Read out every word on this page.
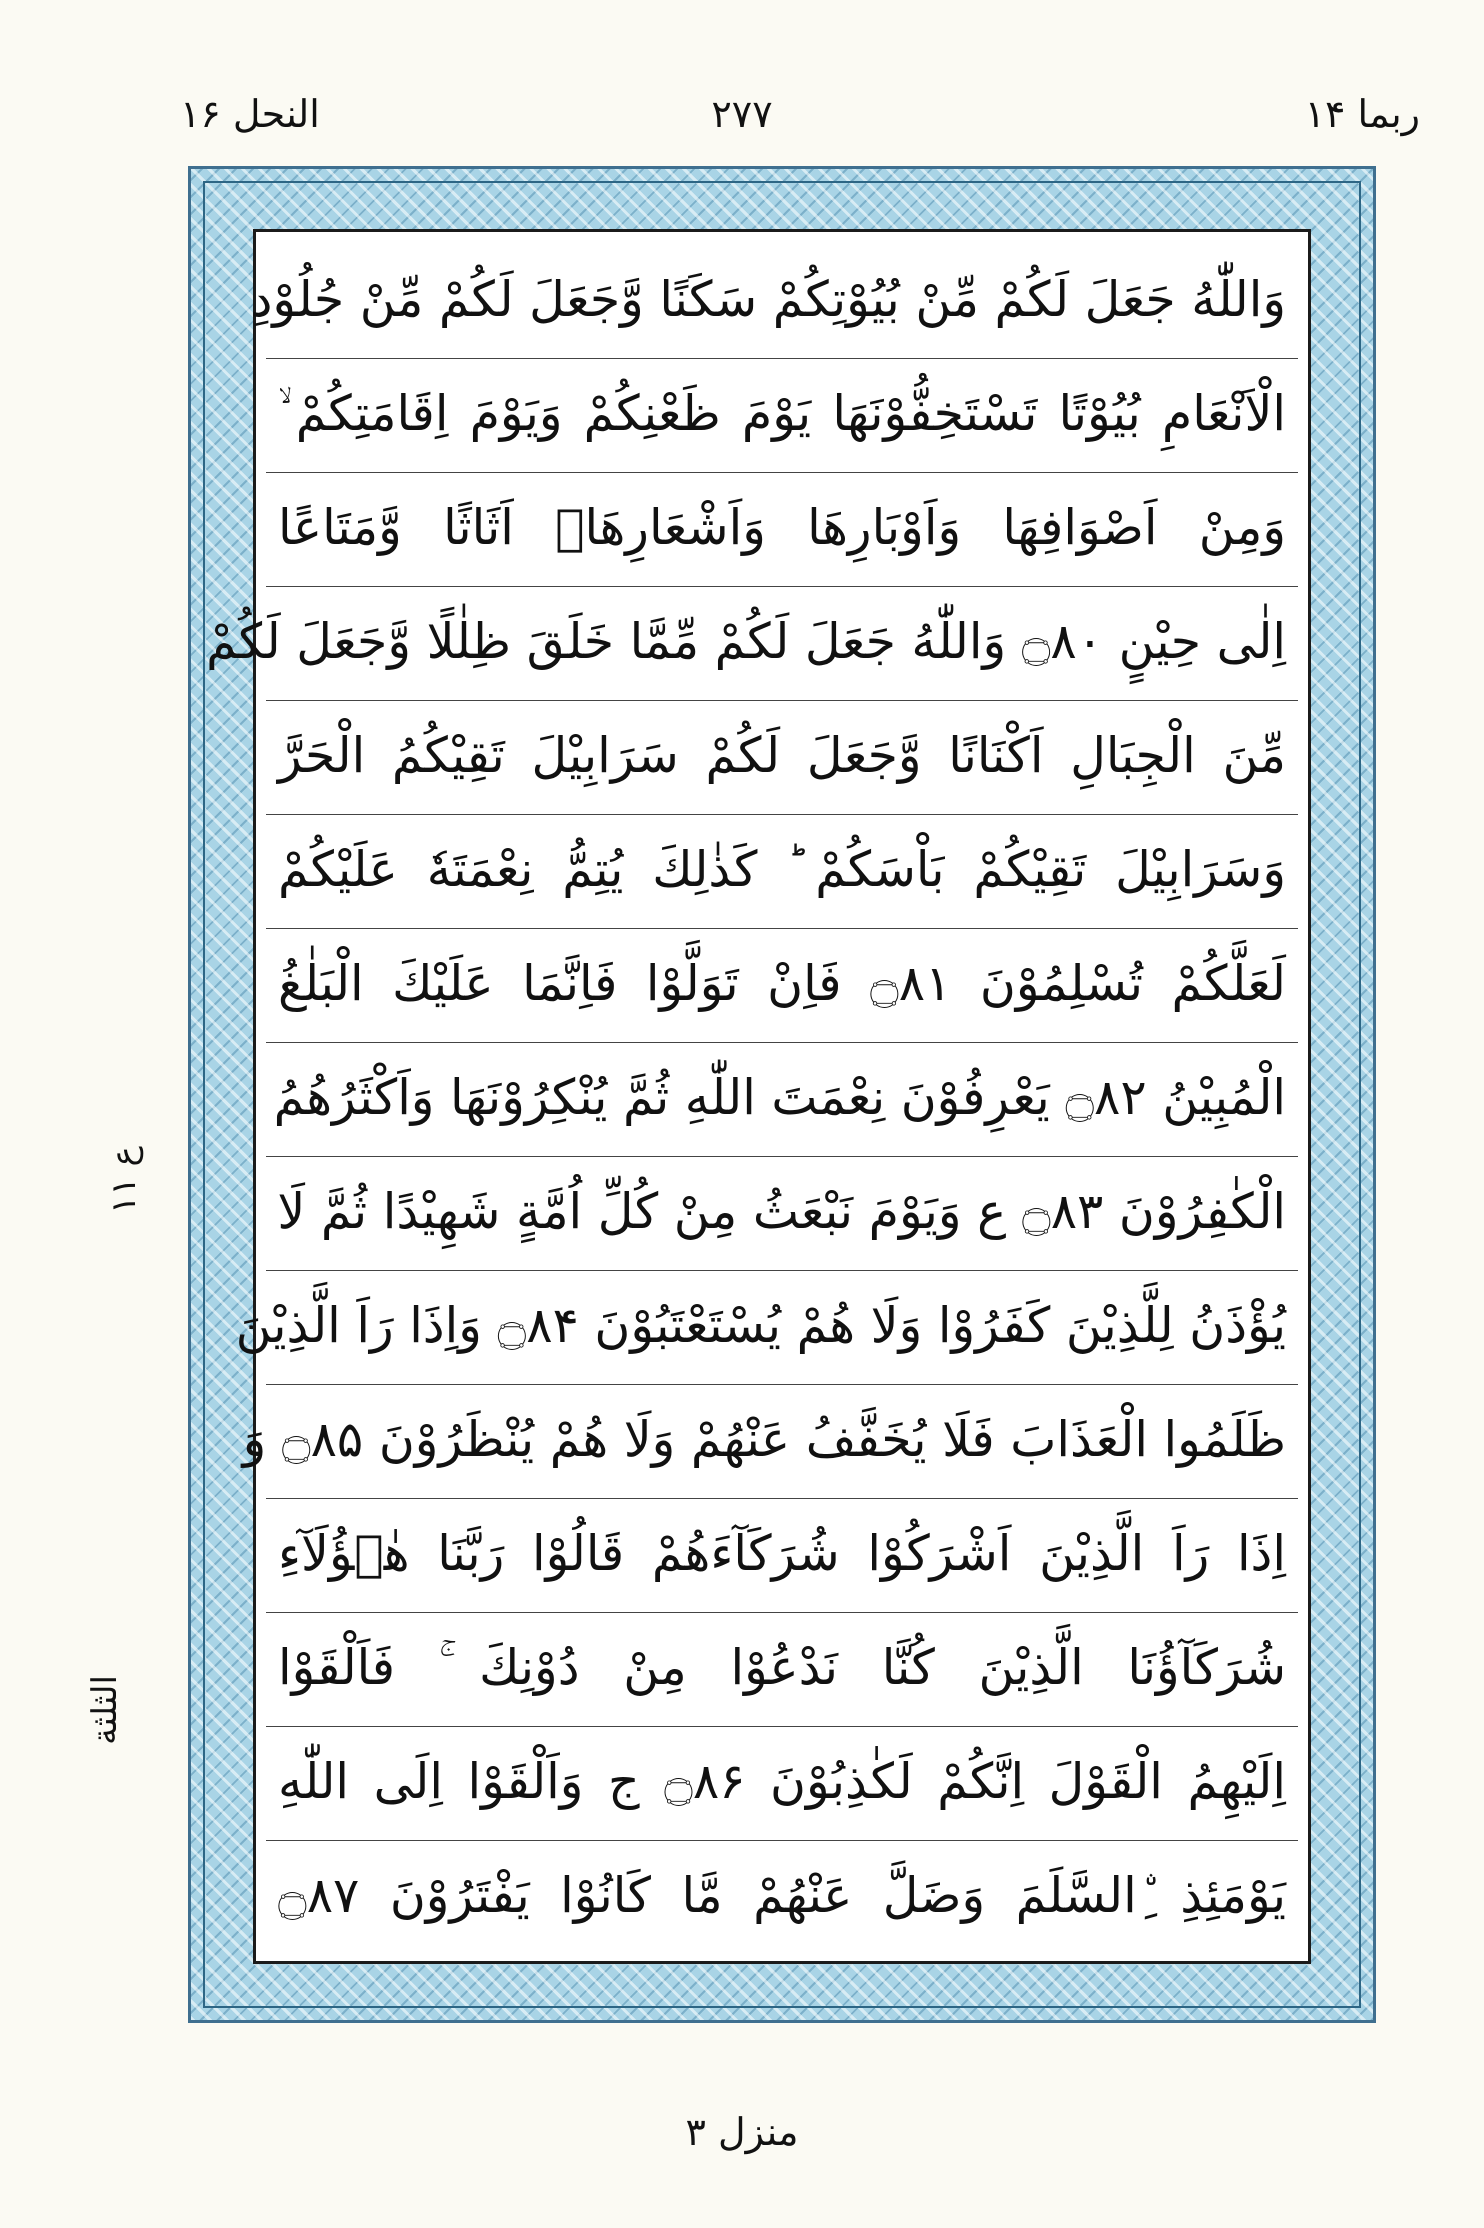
ربما ۱۴
۲۷۷
النحل ۱۶
ع ۱۱
الثلثة
وَاللّٰهُ جَعَلَ لَكُمْ مِّنْ بُيُوْتِكُمْ سَكَنًا وَّجَعَلَ لَكُمْ مِّنْ جُلُوْدِ
الْاَنْعَامِ بُيُوْتًا تَسْتَخِفُّوْنَهَا يَوْمَ ظَعْنِكُمْ وَيَوْمَ اِقَامَتِكُمْ ۙ
وَمِنْ اَصْوَافِهَا وَاَوْبَارِهَا وَاَشْعَارِهَاۤ اَثَاثًا وَّمَتَاعًا
اِلٰى حِيْنٍ ۝۸۰ وَاللّٰهُ جَعَلَ لَكُمْ مِّمَّا خَلَقَ ظِلٰلًا وَّجَعَلَ لَكُمْ
مِّنَ الْجِبَالِ اَكْنَانًا وَّجَعَلَ لَكُمْ سَرَابِيْلَ تَقِيْكُمُ الْحَرَّ
وَسَرَابِيْلَ تَقِيْكُمْ بَاْسَكُمْ ؕ كَذٰلِكَ يُتِمُّ نِعْمَتَهٗ عَلَيْكُمْ
لَعَلَّكُمْ تُسْلِمُوْنَ ۝۸۱ فَاِنْ تَوَلَّوْا فَاِنَّمَا عَلَيْكَ الْبَلٰغُ
الْمُبِيْنُ ۝۸۲ يَعْرِفُوْنَ نِعْمَتَ اللّٰهِ ثُمَّ يُنْكِرُوْنَهَا وَاَكْثَرُهُمُ
الْكٰفِرُوْنَ ۝۸۳ ع وَيَوْمَ نَبْعَثُ مِنْ كُلِّ اُمَّةٍ شَهِيْدًا ثُمَّ لَا
يُؤْذَنُ لِلَّذِيْنَ كَفَرُوْا وَلَا هُمْ يُسْتَعْتَبُوْنَ ۝۸۴ وَاِذَا رَاَ الَّذِيْنَ
ظَلَمُوا الْعَذَابَ فَلَا يُخَفَّفُ عَنْهُمْ وَلَا هُمْ يُنْظَرُوْنَ ۝۸۵ وَ
اِذَا رَاَ الَّذِيْنَ اَشْرَكُوْا شُرَكَآءَهُمْ قَالُوْا رَبَّنَا هٰۤؤُلَآءِ
شُرَكَآؤُنَا الَّذِيْنَ كُنَّا نَدْعُوْا مِنْ دُوْنِكَ ۚ فَاَلْقَوْا
اِلَيْهِمُ الْقَوْلَ اِنَّكُمْ لَكٰذِبُوْنَ ۝۸۶ ج وَاَلْقَوْا اِلَى اللّٰهِ
يَوْمَئِذِ ِۨالسَّلَمَ وَضَلَّ عَنْهُمْ مَّا كَانُوْا يَفْتَرُوْنَ ۝۸۷
منزل ۳
